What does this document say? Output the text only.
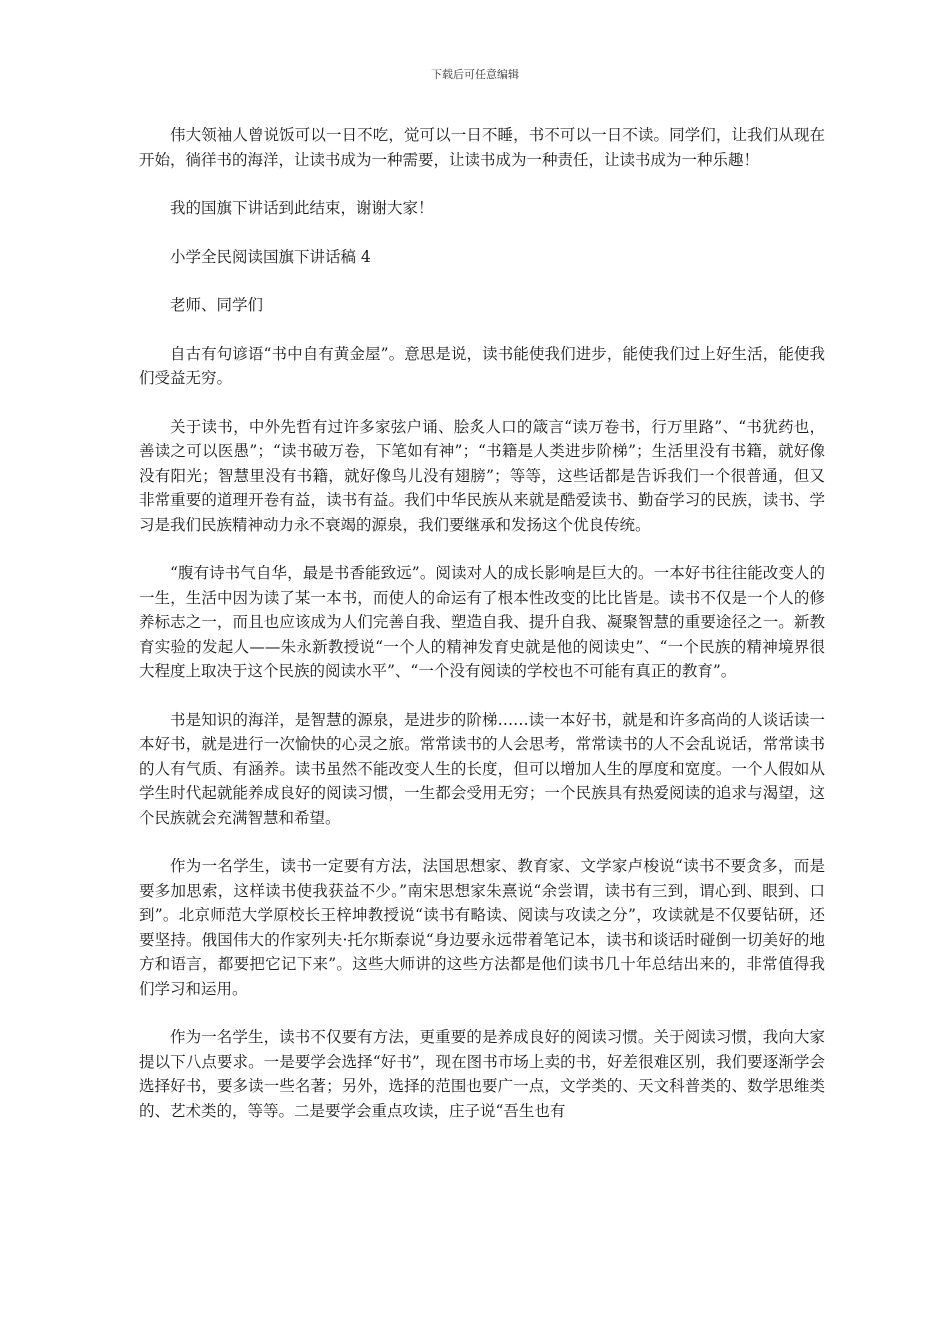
下载后可任意编辑

伟大领袖人曾说饭可以一日不吃，觉可以一日不睡，书不可以一日不读。同学们，让我们从现在开始，徜徉书的海洋，让读书成为一种需要，让读书成为一种责任，让读书成为一种乐趣！

我的国旗下讲话到此结束，谢谢大家！

小学全民阅读国旗下讲话稿 4

老师、同学们

自古有句谚语“书中自有黄金屋”。意思是说，读书能使我们进步，能使我们过上好生活，能使我们受益无穷。

关于读书，中外先哲有过许多家弦户诵、脍炙人口的箴言“读万卷书，行万里路”、“书犹药也，善读之可以医愚”；“读书破万卷，下笔如有神”；“书籍是人类进步阶梯”；生活里没有书籍，就好像没有阳光；智慧里没有书籍，就好像鸟儿没有翅膀”；等等，这些话都是告诉我们一个很普通，但又非常重要的道理开卷有益，读书有益。我们中华民族从来就是酷爱读书、勤奋学习的民族，读书、学习是我们民族精神动力永不衰竭的源泉，我们要继承和发扬这个优良传统。

“腹有诗书气自华，最是书香能致远”。阅读对人的成长影响是巨大的。一本好书往往能改变人的一生，生活中因为读了某一本书，而使人的命运有了根本性改变的比比皆是。读书不仅是一个人的修养标志之一，而且也应该成为人们完善自我、塑造自我、提升自我、凝聚智慧的重要途径之一。新教育实验的发起人——朱永新教授说“一个人的精神发育史就是他的阅读史”、“一个民族的精神境界很大程度上取决于这个民族的阅读水平”、“一个没有阅读的学校也不可能有真正的教育”。

书是知识的海洋，是智慧的源泉，是进步的阶梯……读一本好书，就是和许多高尚的人谈话读一本好书，就是进行一次愉快的心灵之旅。常常读书的人会思考，常常读书的人不会乱说话，常常读书的人有气质、有涵养。读书虽然不能改变人生的长度，但可以增加人生的厚度和宽度。一个人假如从学生时代起就能养成良好的阅读习惯，一生都会受用无穷；一个民族具有热爱阅读的追求与渴望，这个民族就会充满智慧和希望。

作为一名学生，读书一定要有方法，法国思想家、教育家、文学家卢梭说“读书不要贪多，而是要多加思索，这样读书使我获益不少。”南宋思想家朱熹说“余尝谓，读书有三到，谓心到、眼到、口到”。北京师范大学原校长王梓坤教授说“读书有略读、阅读与攻读之分”，攻读就是不仅要钻研，还要坚持。俄国伟大的作家列夫·托尔斯泰说“身边要永远带着笔记本，读书和谈话时碰倒一切美好的地方和语言，都要把它记下来”。这些大师讲的这些方法都是他们读书几十年总结出来的，非常值得我们学习和运用。

作为一名学生，读书不仅要有方法，更重要的是养成良好的阅读习惯。关于阅读习惯，我向大家提以下八点要求。一是要学会选择“好书”，现在图书市场上卖的书，好差很难区别，我们要逐渐学会选择好书，要多读一些名著；另外，选择的范围也要广一点，文学类的、天文科普类的、数学思维类的、艺术类的，等等。二是要学会重点攻读，庄子说“吾生也有
